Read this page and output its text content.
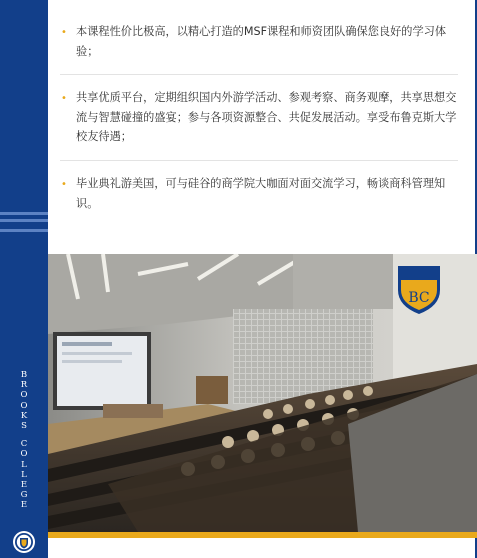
B
R
O
O
K
S
C
O
L
L
E
G
E
• 本课程性价比极高，以精心打造的MSF课程和师资团队确保您良好的学习体验；
• 共享优质平台，定期组织国内外游学活动、参观考察、商务观摩，共享思想交流与智慧碰撞的盛宴；参与各项资源整合、共促发展活动。享受布鲁克斯大学校友待遇；
• 毕业典礼游美国，可与硅谷的商学院大咖面对面交流学习，畅谈商科管理知识。
BC
